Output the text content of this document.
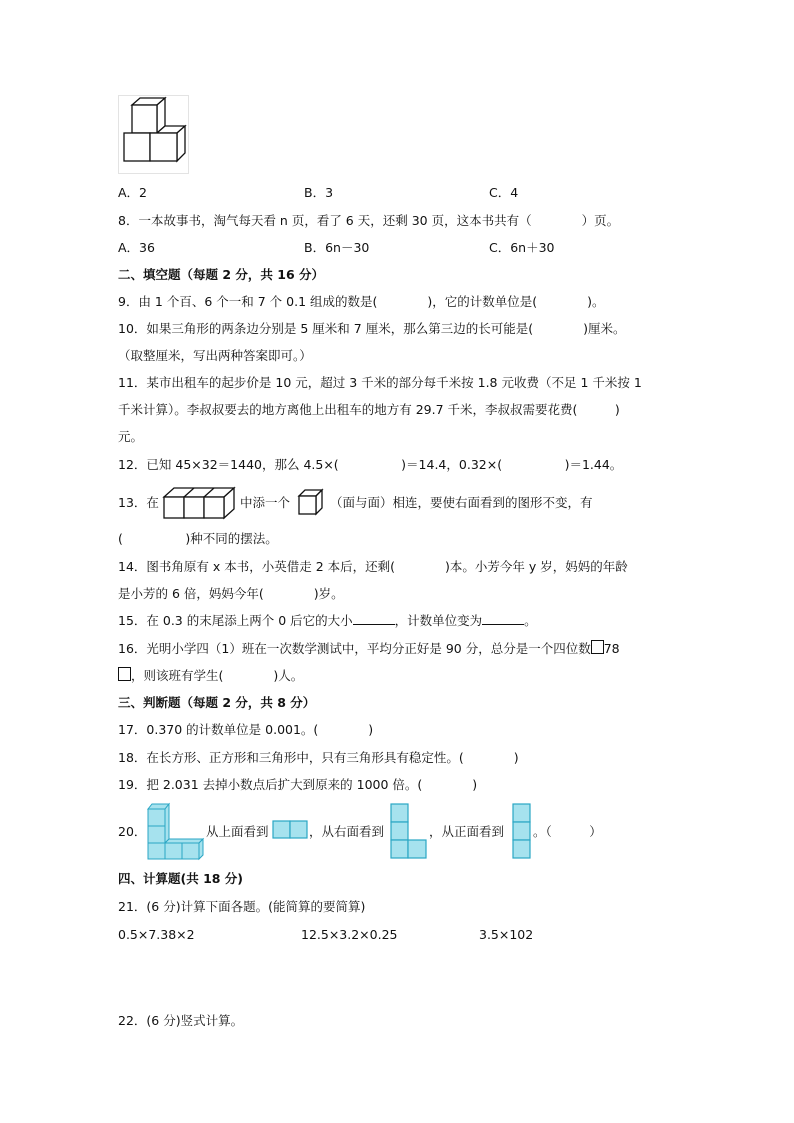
A．2	B．3	C．4
8．一本故事书，淘气每天看 n 页，看了 6 天，还剩 30 页，这本书共有（　　　　）页。
A．36	B．6n－30	C．6n＋30
二、填空题（每题 2 分，共 16 分）
9．由 1 个百、6 个一和 7 个 0.1 组成的数是(　　　　)，它的计数单位是(　　　　)。
10．如果三角形的两条边分别是 5 厘米和 7 厘米，那么第三边的长可能是(　　　　)厘米。
（取整厘米，写出两种答案即可。）
11．某市出租车的起步价是 10 元，超过 3 千米的部分每千米按 1.8 元收费（不足 1 千米按 1
千米计算）。李叔叔要去的地方离他上出租车的地方有 29.7 千米，李叔叔需要花费(　　　)
元。
12．已知 45×32＝1440，那么 4.5×(　　　　　)＝14.4，0.32×(　　　　　)＝1.44。
13．在	中添一个	（面与面）相连，要使右面看到的图形不变，有
(　　　　　)种不同的摆法。
14．图书角原有 x 本书，小英借走 2 本后，还剩(　　　　)本。小芳今年 y 岁，妈妈的年龄
是小芳的 6 倍，妈妈今年(　　　　)岁。
15．在 0.3 的末尾添上两个 0 后它的大小	，计数单位变为	。
16．光明小学四（1）班在一次数学测试中，平均分正好是 90 分，总分是一个四位数 78
，则该班有学生(　　　　)人。
三、判断题（每题 2 分，共 8 分）
17．0.370 的计数单位是 0.001。(　　　　)
18．在长方形、正方形和三角形中，只有三角形具有稳定性。(　　　　)
19．把 2.031 去掉小数点后扩大到原来的 1000 倍。(　　　　)
20．	从上面看到	，从右面看到	，从正面看到 。（　　　）
四、计算题(共 18 分)
21．(6 分)计算下面各题。(能简算的要简算)
0.5×7.38×2	12.5×3.2×0.25	3.5×102
22．(6 分)竖式计算。
